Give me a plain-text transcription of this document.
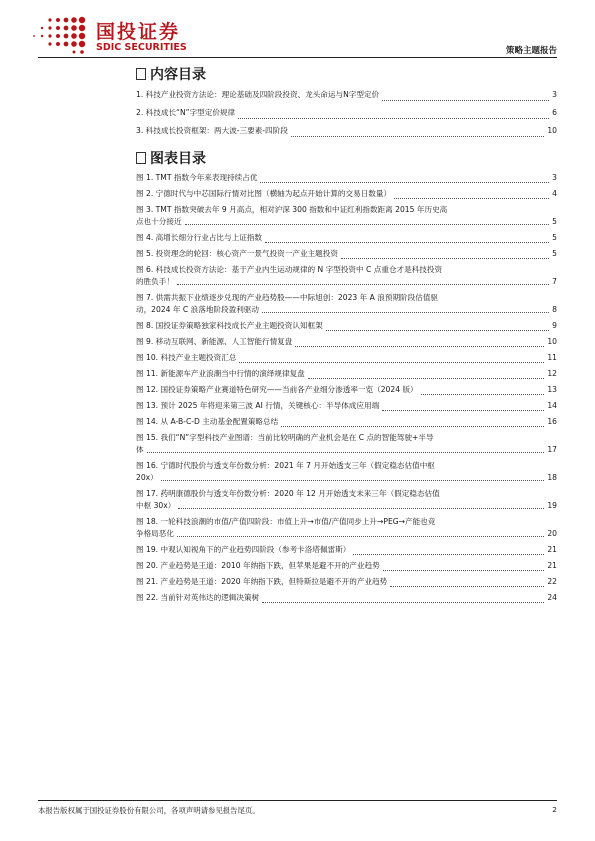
国投证券
SDIC SECURITIES	策略主题报告
内容目录
1. 科技产业投资方法论：理论基础及四阶段投资、龙头命运与N字型定价	3
2. 科技成长“N”字型定价规律	6
3. 科技成长投资框架：两大波-三要素-四阶段	10
图表目录
图 1. TMT 指数今年来表现持续占优	3
图 2. 宁德时代与中芯国际行情对比图（横轴为起点开始计算的交易日数量）	4
图 3. TMT 指数突破去年 9 月高点，相对沪深 300 指数和中证红利指数距离 2015 年历史高
点也十分接近	5
图 4. 高增长细分行业占比与上证指数	5
图 5. 投资理念的轮回：核心资产一景气投资一产业主题投资	5
图 6. 科技成长投资方法论：基于产业内生运动规律的 N 字型投资中 C 点重仓才是科技投资
的胜负手！	7
图 7. 供需共振下业绩逐步兑现的产业趋势股——中际旭创：2023 年 A 浪预期阶段估值驱
动，2024 年 C 浪落地阶段盈利驱动	8
图 8. 国投证券策略独家科技成长产业主题投资认知框架	9
图 9. 移动互联网、新能源、人工智能行情复盘	10
图 10. 科技产业主题投资汇总	11
图 11. 新能源车产业浪潮当中行情的演绎规律复盘	12
图 12. 国投证券策略产业赛道特色研究——当前各产业细分渗透率一览（2024 版）	13
图 13. 预计 2025 年将迎来第三波 AI 行情，关键核心：半导体成应用端	14
图 14. 从 A-B-C-D 主动基金配置策略总结	16
图 15. 我们“N”字型科技产业图谱：当前比较明确的产业机会是在 C 点的智能驾驶+半导
体	17
图 16. 宁德时代股价与透支年份数分析：2021 年 7 月开始透支三年（假定稳态估值中枢
20x）	18
图 17. 药明康德股价与透支年份数分析：2020 年 12 月开始透支未来三年（假定稳态估值
中枢 30x）	19
图 18. 一轮科技浪潮的市值/产值四阶段：市值上升→市值/产值同步上升→PEG→产能也竞
争格局恶化	20
图 19. 中观认知视角下的产业趋势四阶段（参考卡洛塔佩雷斯）	21
图 20. 产业趋势是王道：2010 年纳指下跌，但苹果是避不开的产业趋势	21
图 21. 产业趋势是王道：2020 年纳指下跌，但特斯拉是避不开的产业趋势	22
图 22. 当前针对英伟达的逻辑决策树	24
本报告版权属于国投证券股份有限公司，各项声明请参见报告尾页。	2
